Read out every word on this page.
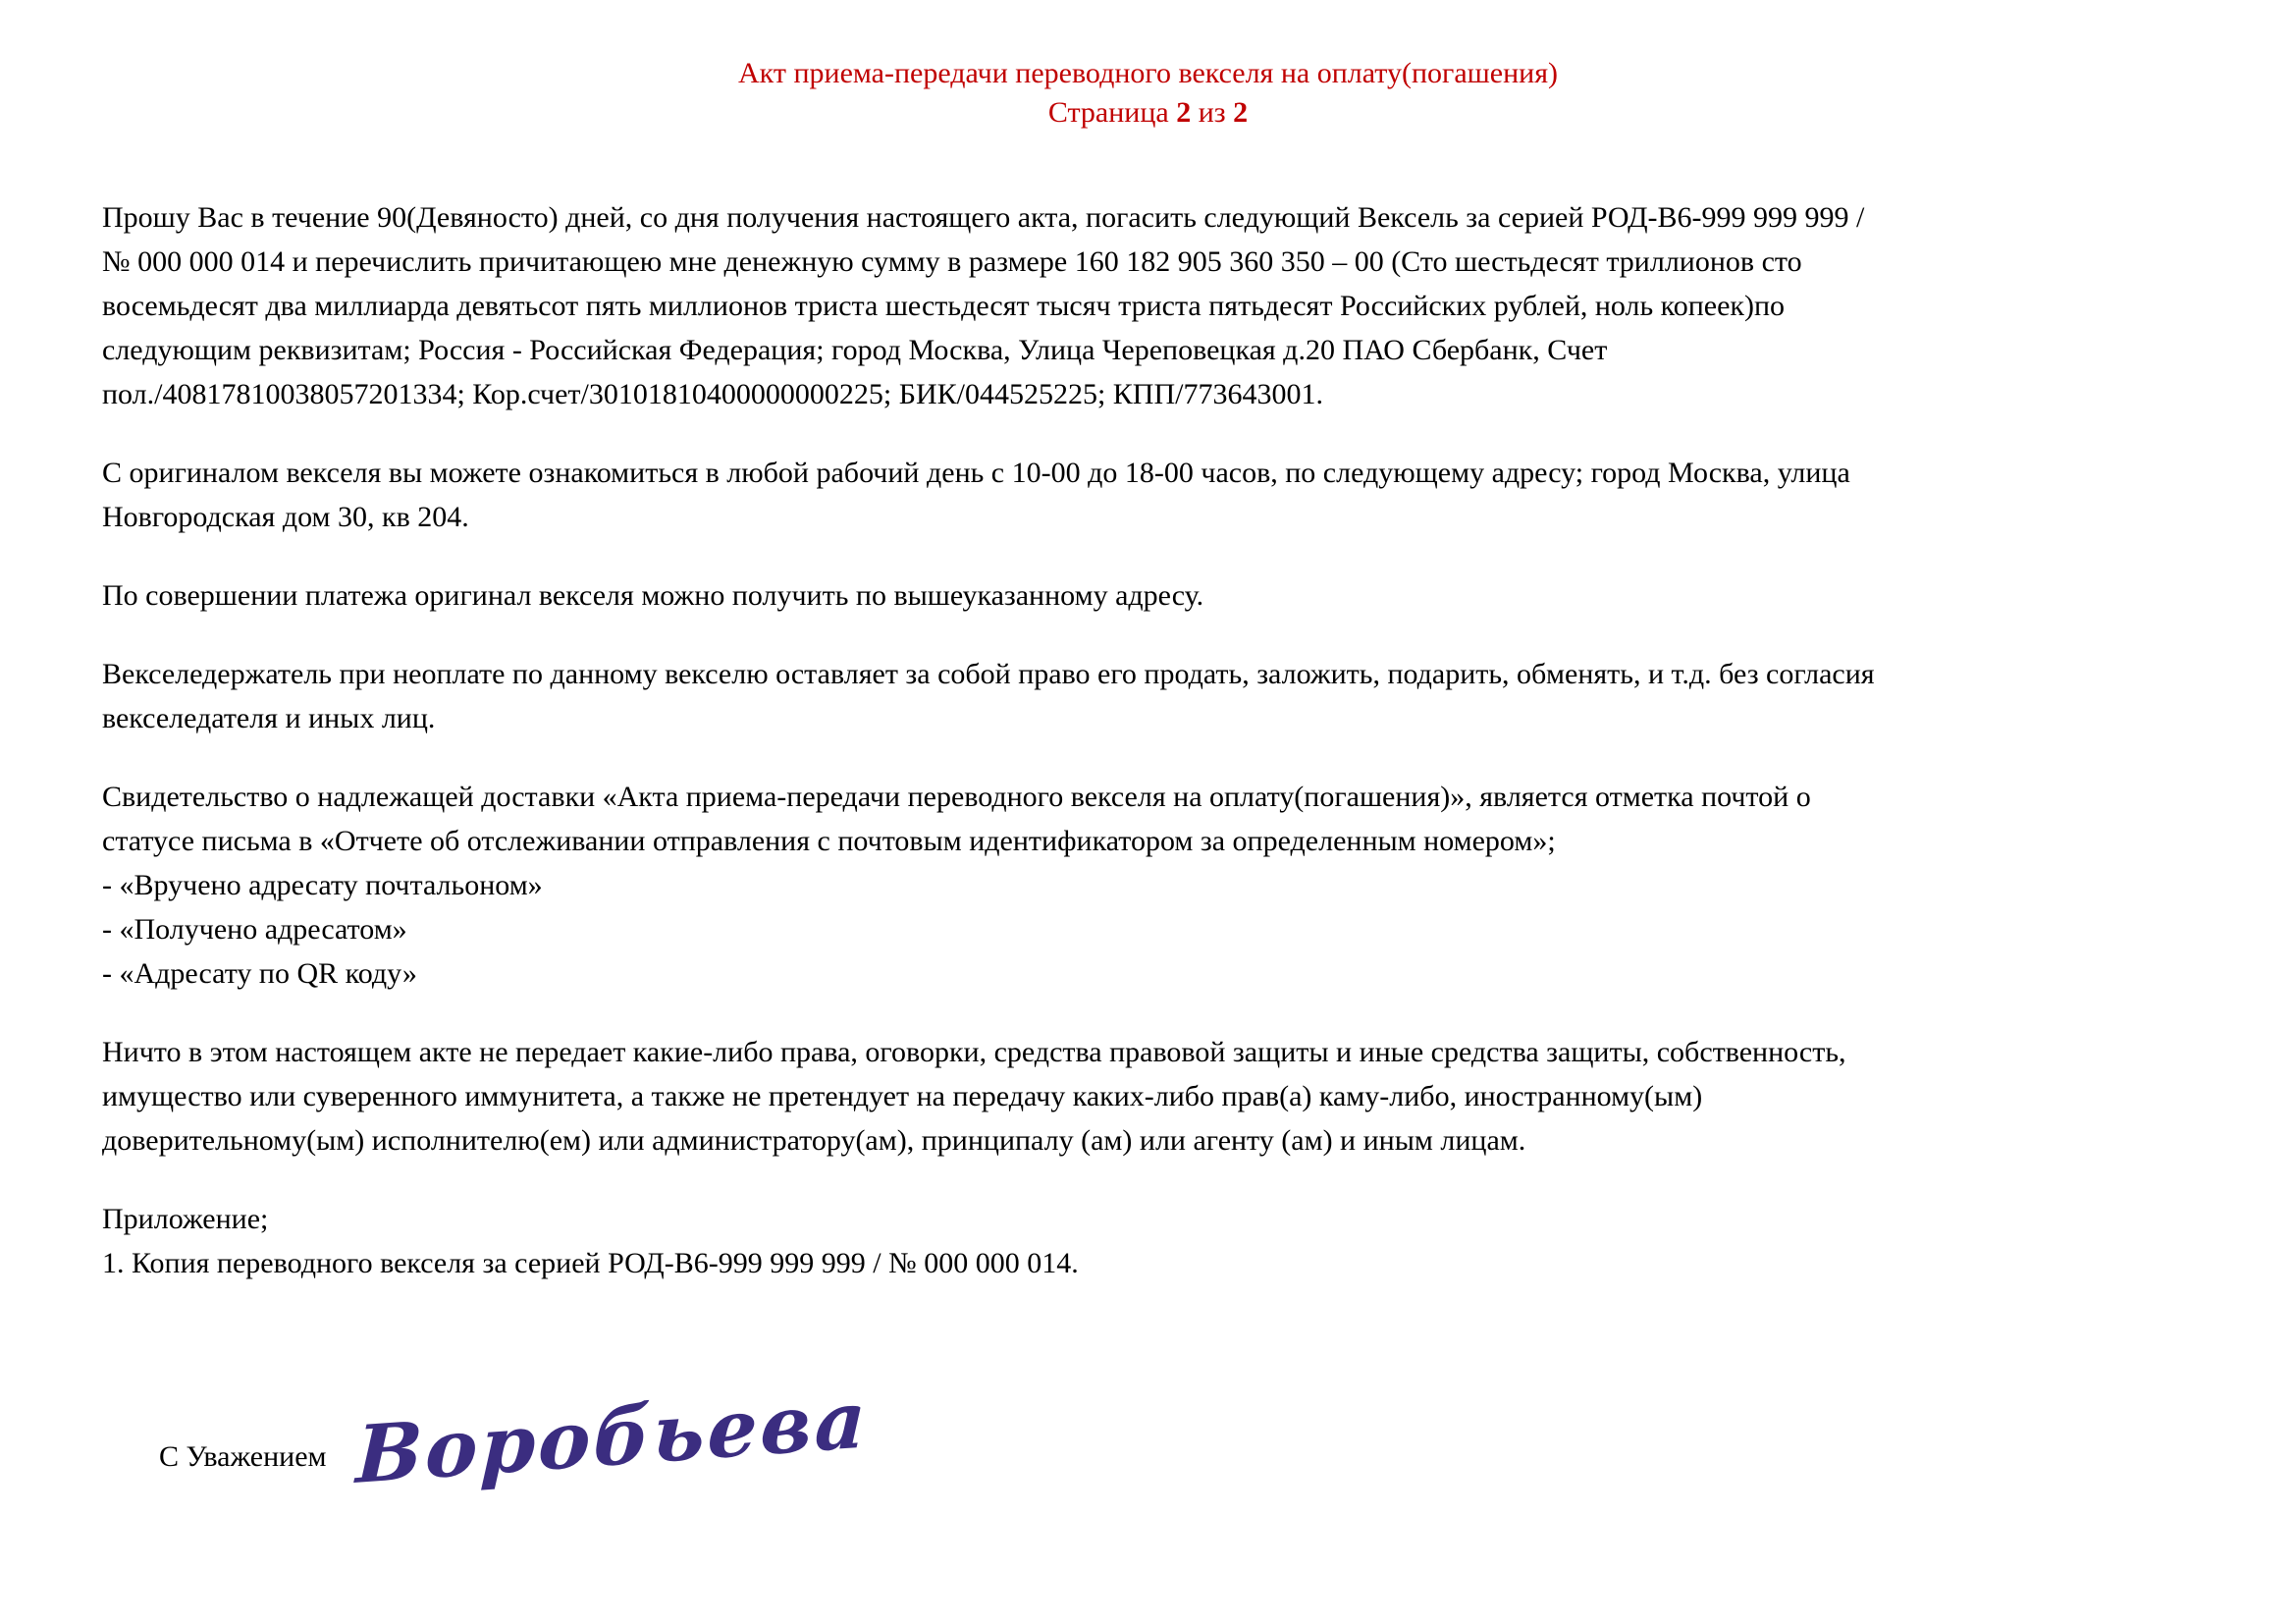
Акт приема-передачи переводного векселя на оплату(погашения)
Страница 2 из 2

Прошу Вас в течение 90(Девяносто) дней, со дня получения настоящего акта, погасить следующий Вексель за серией РОД-В6-999 999 999 /
№ 000 000 014 и перечислить причитающею мне денежную сумму в размере 160 182 905 360 350 – 00 (Сто шестьдесят триллионов сто
восемьдесят два миллиарда девятьсот пять миллионов триста шестьдесят тысяч триста пятьдесят Российских рублей, ноль копеек)по
следующим реквизитам; Россия - Российская Федерация; город Москва, Улица Череповецкая д.20 ПАО Сбербанк, Счет
пол./40817810038057201334; Кор.счет/30101810400000000225; БИК/044525225; КПП/773643001.

С оригиналом векселя вы можете ознакомиться в любой рабочий день с 10-00 до 18-00 часов, по следующему адресу; город Москва, улица
Новгородская дом 30, кв 204.

По совершении платежа оригинал векселя можно получить по вышеуказанному адресу.

Векселедержатель при неоплате по данному векселю оставляет за собой право его продать, заложить, подарить, обменять, и т.д. без согласия
векселедателя и иных лиц.

Свидетельство о надлежащей доставки «Акта приема-передачи переводного векселя на оплату(погашения)», является отметка почтой о
статусе письма в «Отчете об отслеживании отправления с почтовым идентификатором за определенным номером»;
- «Вручено адресату почтальоном»
- «Получено адресатом»
- «Адресату по QR коду»

Ничто в этом настоящем акте не передает какие-либо права, оговорки, средства правовой защиты и иные средства защиты, собственность,
имущество или суверенного иммунитета, а также не претендует на передачу каких-либо прав(а) каму-либо, иностранному(ым)
доверительному(ым) исполнителю(ем) или администратору(ам), принципалу (ам) или агенту (ам) и иным лицам.

Приложение;
1. Копия переводного векселя за серией РОД-В6-999 999 999 / № 000 000 014.

С Уважением Воробьева
